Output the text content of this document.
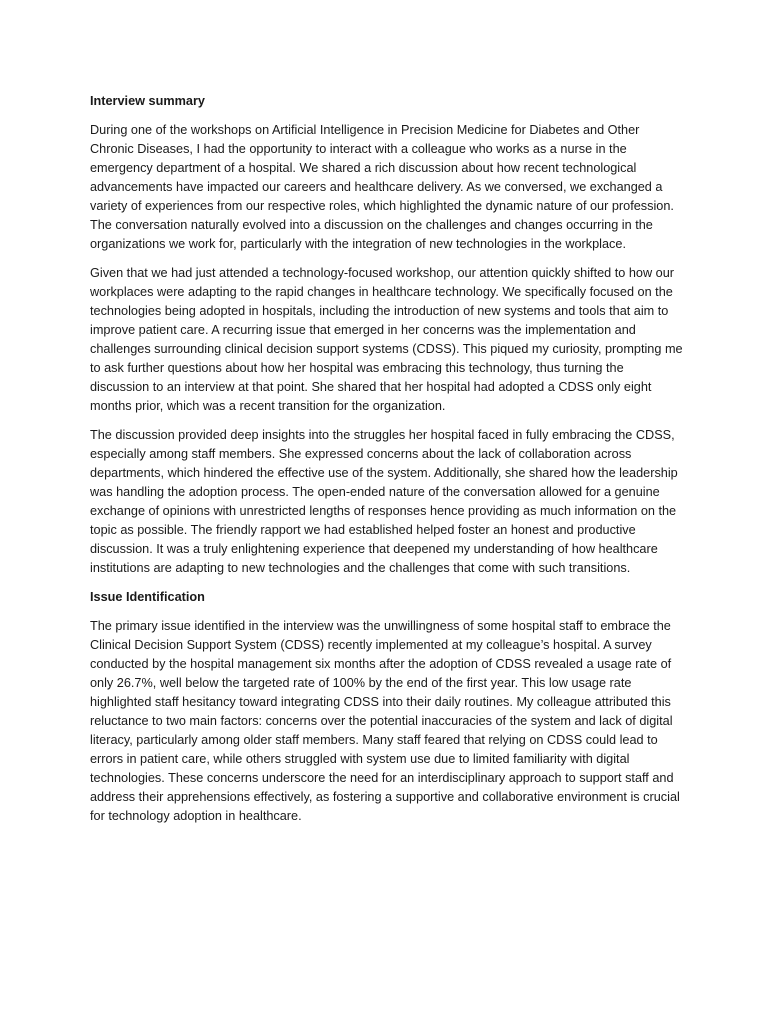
Interview summary

During one of the workshops on Artificial Intelligence in Precision Medicine for Diabetes and Other Chronic Diseases, I had the opportunity to interact with a colleague who works as a nurse in the emergency department of a hospital. We shared a rich discussion about how recent technological advancements have impacted our careers and healthcare delivery. As we conversed, we exchanged a variety of experiences from our respective roles, which highlighted the dynamic nature of our profession. The conversation naturally evolved into a discussion on the challenges and changes occurring in the organizations we work for, particularly with the integration of new technologies in the workplace.

Given that we had just attended a technology-focused workshop, our attention quickly shifted to how our workplaces were adapting to the rapid changes in healthcare technology. We specifically focused on the technologies being adopted in hospitals, including the introduction of new systems and tools that aim to improve patient care. A recurring issue that emerged in her concerns was the implementation and challenges surrounding clinical decision support systems (CDSS). This piqued my curiosity, prompting me to ask further questions about how her hospital was embracing this technology, thus turning the discussion to an interview at that point. She shared that her hospital had adopted a CDSS only eight months prior, which was a recent transition for the organization.

The discussion provided deep insights into the struggles her hospital faced in fully embracing the CDSS, especially among staff members. She expressed concerns about the lack of collaboration across departments, which hindered the effective use of the system. Additionally, she shared how the leadership was handling the adoption process. The open-ended nature of the conversation allowed for a genuine exchange of opinions with unrestricted lengths of responses hence providing as much information on the topic as possible. The friendly rapport we had established helped foster an honest and productive discussion. It was a truly enlightening experience that deepened my understanding of how healthcare institutions are adapting to new technologies and the challenges that come with such transitions.

Issue Identification

The primary issue identified in the interview was the unwillingness of some hospital staff to embrace the Clinical Decision Support System (CDSS) recently implemented at my colleague’s hospital. A survey conducted by the hospital management six months after the adoption of CDSS revealed a usage rate of only 26.7%, well below the targeted rate of 100% by the end of the first year. This low usage rate highlighted staff hesitancy toward integrating CDSS into their daily routines. My colleague attributed this reluctance to two main factors: concerns over the potential inaccuracies of the system and lack of digital literacy, particularly among older staff members. Many staff feared that relying on CDSS could lead to errors in patient care, while others struggled with system use due to limited familiarity with digital technologies. These concerns underscore the need for an interdisciplinary approach to support staff and address their apprehensions effectively, as fostering a supportive and collaborative environment is crucial for technology adoption in healthcare.
